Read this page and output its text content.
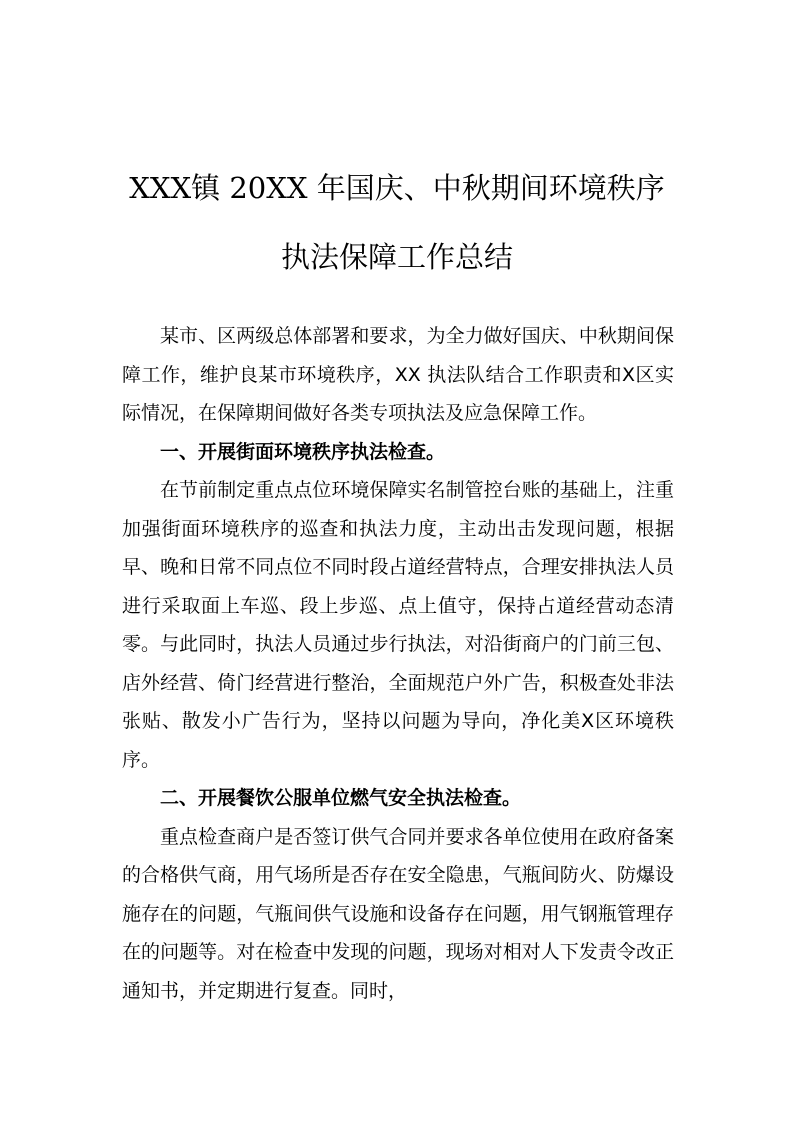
XXX镇 20XX 年国庆、中秋期间环境秩序
执法保障工作总结

某市、区两级总体部署和要求，为全力做好国庆、中秋期间保障工作，维护良某市环境秩序，XX 执法队结合工作职责和X区实际情况，在保障期间做好各类专项执法及应急保障工作。

一、开展街面环境秩序执法检查。

在节前制定重点点位环境保障实名制管控台账的基础上，注重加强街面环境秩序的巡查和执法力度，主动出击发现问题，根据早、晚和日常不同点位不同时段占道经营特点，合理安排执法人员进行采取面上车巡、段上步巡、点上值守，保持占道经营动态清零。与此同时，执法人员通过步行执法，对沿街商户的门前三包、店外经营、倚门经营进行整治，全面规范户外广告，积极查处非法张贴、散发小广告行为，坚持以问题为导向，净化美X区环境秩序。

二、开展餐饮公服单位燃气安全执法检查。

重点检查商户是否签订供气合同并要求各单位使用在政府备案的合格供气商，用气场所是否存在安全隐患，气瓶间防火、防爆设施存在的问题，气瓶间供气设施和设备存在问题，用气钢瓶管理存在的问题等。对在检查中发现的问题，现场对相对人下发责令改正通知书，并定期进行复查。同时，
